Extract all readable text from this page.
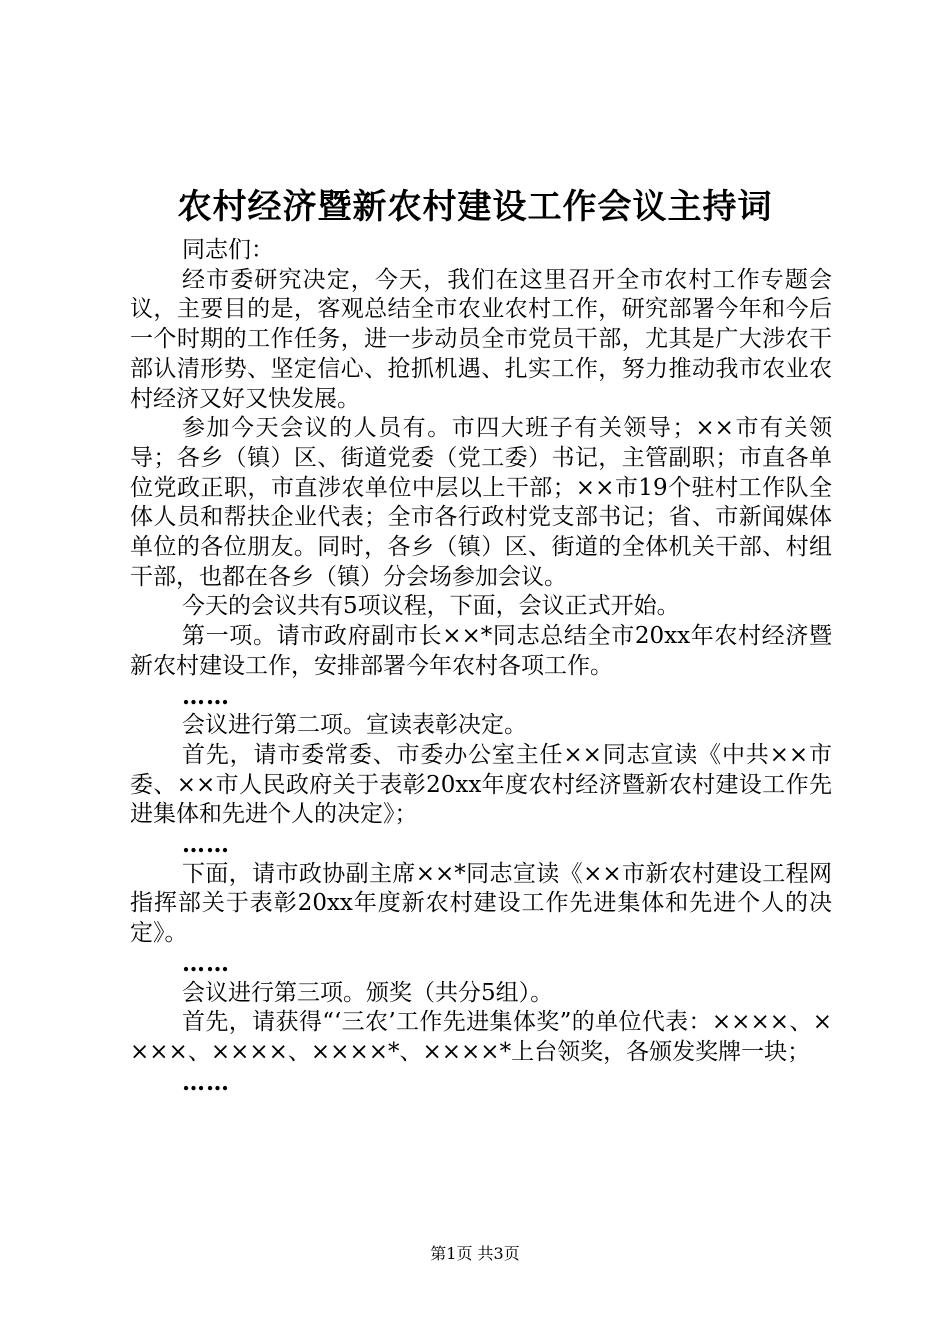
农村经济暨新农村建设工作会议主持词

同志们：

经市委研究决定，今天，我们在这里召开全市农村工作专题会议，主要目的是，客观总结全市农业农村工作，研究部署今年和今后一个时期的工作任务，进一步动员全市党员干部，尤其是广大涉农干部认清形势、坚定信心、抢抓机遇、扎实工作，努力推动我市农业农村经济又好又快发展。

参加今天会议的人员有。市四大班子有关领导；××市有关领导；各乡（镇）区、街道党委（党工委）书记，主管副职；市直各单位党政正职，市直涉农单位中层以上干部；××市19个驻村工作队全体人员和帮扶企业代表；全市各行政村党支部书记；省、市新闻媒体单位的各位朋友。同时，各乡（镇）区、街道的全体机关干部、村组干部，也都在各乡（镇）分会场参加会议。

今天的会议共有5项议程，下面，会议正式开始。

第一项。请市政府副市长××*同志总结全市20xx年农村经济暨新农村建设工作，安排部署今年农村各项工作。

……

会议进行第二项。宣读表彰决定。

首先，请市委常委、市委办公室主任××同志宣读《中共××市委、××市人民政府关于表彰20xx年度农村经济暨新农村建设工作先进集体和先进个人的决定》；

……

下面，请市政协副主席××*同志宣读《××市新农村建设工程网指挥部关于表彰20xx年度新农村建设工作先进集体和先进个人的决定》。

……

会议进行第三项。颁奖（共分5组）。

首先，请获得“‘三农’工作先进集体奖”的单位代表：××××、××××、××××、××××*、××××*上台领奖，各颁发奖牌一块；

……

第1页 共3页
